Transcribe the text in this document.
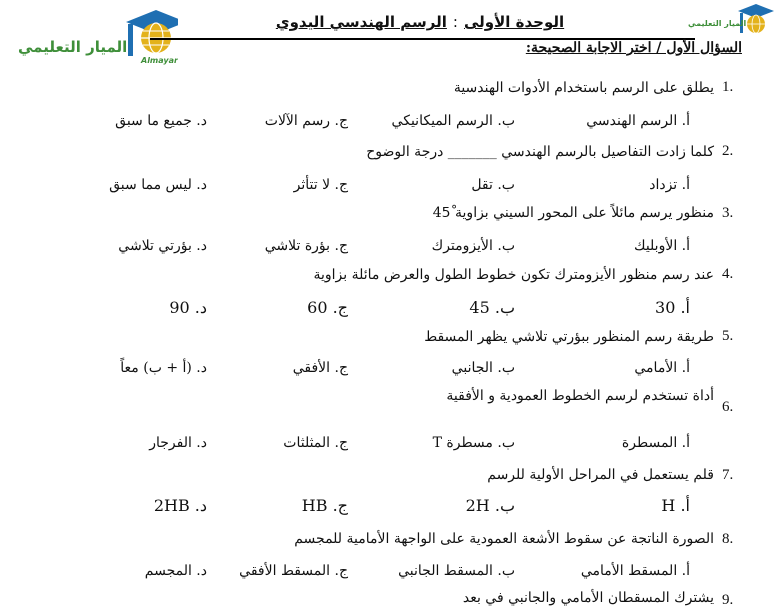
الميار التعليمي
Almayar
الميار التعليمي
الوحدة الأولى:الرسم الهندسي اليدوي
السؤال الأول / اختر الاجابة الصحيحة:
1.
يطلق على الرسم باستخدام الأدوات الهندسية
أ. الرسم الهندسي
ب. الرسم الميكانيكي
ج. رسم الآلات
د. جميع ما سبق
2.
كلما زادت التفاصيل بالرسم الهندسي _______ درجة الوضوح
أ. تزداد
ب. تقل
ج. لا تتأثر
د. ليس مما سبق
3.
منظور يرسم مائلاً على المحور السيني بزاوية 45ْ
أ. الأوبليك
ب. الأيزومترك
ج. بؤرة تلاشي
د. بؤرتي تلاشي
4.
عند رسم منظور الأيزومترك تكون خطوط الطول والعرض مائلة بزاوية
أ. 30
ب. 45
ج. 60
د. 90
5.
طريقة رسم المنظور ببؤرتي تلاشي يظهر المسقط
أ. الأمامي
ب. الجانبي
ج. الأفقي
د. (أ + ب) معاً
6.
أداة تستخدم لرسم الخطوط العمودية و الأفقية
أ. المسطرة
ب. مسطرة T
ج. المثلثات
د. الفرجار
7.
قلم يستعمل في المراحل الأولية للرسم
أ. H
ب. 2H
ج. HB
د. 2HB
8.
الصورة الناتجة عن سقوط الأشعة العمودية على الواجهة الأمامية للمجسم
أ. المسقط الأمامي
ب. المسقط الجانبي
ج. المسقط الأفقي
د. المجسم
9.
يشترك المسقطان الأمامي والجانبي في بعد
